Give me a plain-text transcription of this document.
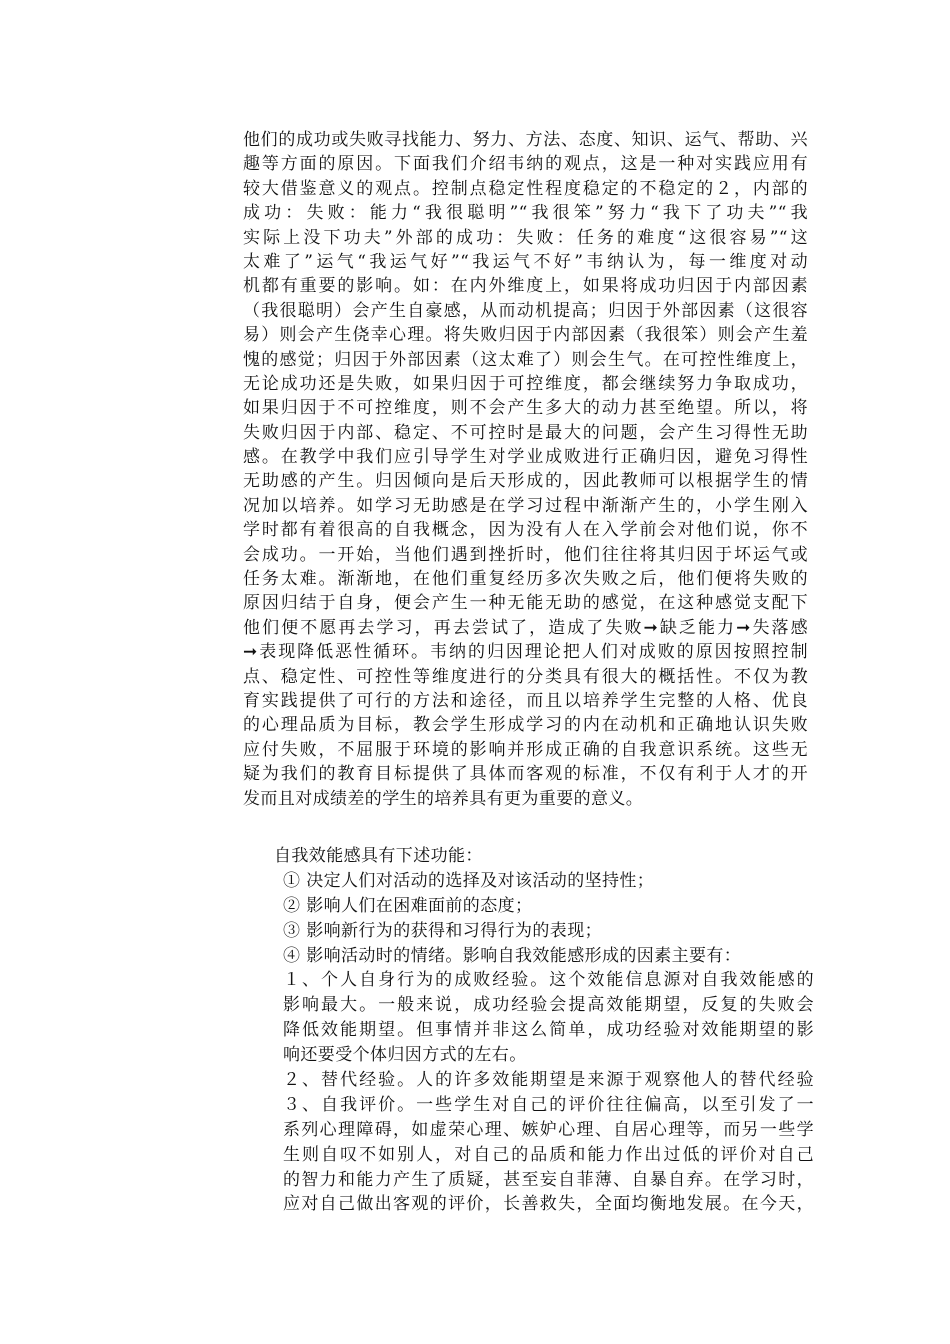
他们的成功或失败寻找能力、努力、方法、态度、知识、运气、帮助、兴
趣等方面的原因。下面我们介绍韦纳的观点，这是一种对实践应用有
较大借鉴意义的观点。控制点稳定性程度稳定的不稳定的２，内部的
成功：失败：能力“我很聪明”“我很笨”努力“我下了功夫”“我
实际上没下功夫”外部的成功：失败：任务的难度“这很容易”“这
太难了”运气“我运气好”“我运气不好”韦纳认为，每一维度对动
机都有重要的影响。如：在内外维度上，如果将成功归因于内部因素
（我很聪明）会产生自豪感，从而动机提高；归因于外部因素（这很容
易）则会产生侥幸心理。将失败归因于内部因素（我很笨）则会产生羞
愧的感觉；归因于外部因素（这太难了）则会生气。在可控性维度上，
无论成功还是失败，如果归因于可控维度，都会继续努力争取成功，
如果归因于不可控维度，则不会产生多大的动力甚至绝望。所以，将
失败归因于内部、稳定、不可控时是最大的问题，会产生习得性无助
感。在教学中我们应引导学生对学业成败进行正确归因，避免习得性
无助感的产生。归因倾向是后天形成的，因此教师可以根据学生的情
况加以培养。如学习无助感是在学习过程中渐渐产生的，小学生刚入
学时都有着很高的自我概念，因为没有人在入学前会对他们说，你不
会成功。一开始，当他们遇到挫折时，他们往往将其归因于坏运气或
任务太难。渐渐地，在他们重复经历多次失败之后，他们便将失败的
原因归结于自身，便会产生一种无能无助的感觉，在这种感觉支配下
他们便不愿再去学习，再去尝试了，造成了失败➞缺乏能力➞失落感
➞表现降低恶性循环。韦纳的归因理论把人们对成败的原因按照控制
点、稳定性、可控性等维度进行的分类具有很大的概括性。不仅为教
育实践提供了可行的方法和途径，而且以培养学生完整的人格、优良
的心理品质为目标，教会学生形成学习的内在动机和正确地认识失败
应付失败，不屈服于环境的影响并形成正确的自我意识系统。这些无
疑为我们的教育目标提供了具体而客观的标准，不仅有利于人才的开
发而且对成绩差的学生的培养具有更为重要的意义。
自我效能感具有下述功能：
① 决定人们对活动的选择及对该活动的坚持性；
② 影响人们在困难面前的态度；
③ 影响新行为的获得和习得行为的表现；
④ 影响活动时的情绪。影响自我效能感形成的因素主要有：
１、个人自身行为的成败经验。这个效能信息源对自我效能感的
影响最大。一般来说，成功经验会提高效能期望，反复的失败会
降低效能期望。但事情并非这么简单，成功经验对效能期望的影
响还要受个体归因方式的左右。
２、替代经验。人的许多效能期望是来源于观察他人的替代经验
３、自我评价。一些学生对自己的评价往往偏高，以至引发了一
系列心理障碍，如虚荣心理、嫉妒心理、自居心理等，而另一些学
生则自叹不如别人，对自己的品质和能力作出过低的评价对自己
的智力和能力产生了质疑，甚至妄自菲薄、自暴自弃。在学习时，
应对自己做出客观的评价，长善救失，全面均衡地发展。在今天，
